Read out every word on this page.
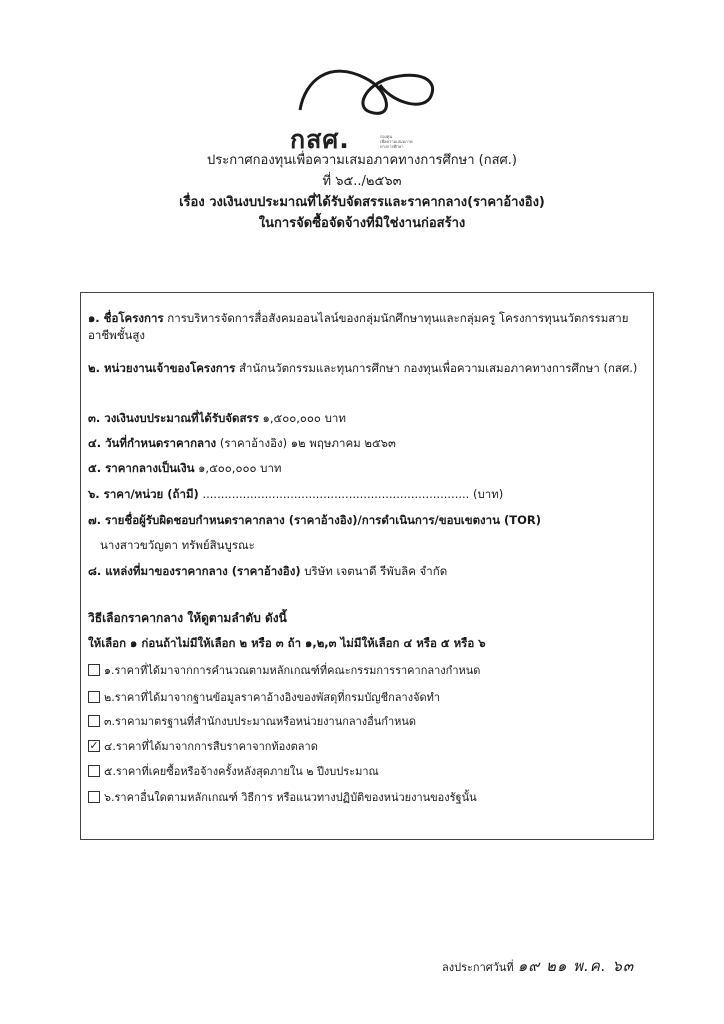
กสศ.	กองทุน
เพื่อความเสมอภาค
ทางการศึกษา
ประกาศกองทุนเพื่อความเสมอภาคทางการศึกษา (กสศ.)
ที่ ๖๕../๒๕๖๓
เรื่อง วงเงินงบประมาณที่ได้รับจัดสรรและราคากลาง(ราคาอ้างอิง)
ในการจัดซื้อจัดจ้างที่มิใช่งานก่อสร้าง
๑. ชื่อโครงการ การบริหารจัดการสื่อสังคมออนไลน์ของกลุ่มนักศึกษาทุนและกลุ่มครู โครงการทุนนวัตกรรมสายอาชีพชั้นสูง
๒. หน่วยงานเจ้าของโครงการ สำนักนวัตกรรมและทุนการศึกษา กองทุนเพื่อความเสมอภาคทางการศึกษา (กสศ.)
๓. วงเงินงบประมาณที่ได้รับจัดสรร ๑,๕๐๐,๐๐๐ บาท
๔. วันที่กำหนดราคากลาง (ราคาอ้างอิง) ๑๒ พฤษภาคม ๒๕๖๓
๕. ราคากลางเป็นเงิน ๑,๕๐๐,๐๐๐ บาท
๖. ราคา/หน่วย (ถ้ามี) ......................................................................... (บาท)
๗. รายชื่อผู้รับผิดชอบกำหนดราคากลาง (ราคาอ้างอิง)/การดำเนินการ/ขอบเขตงาน (TOR)
นางสาวขวัญตา ทรัพย์สินบูรณะ
๘. แหล่งที่มาของราคากลาง (ราคาอ้างอิง) บริษัท เจตนาดี รีพับลิค จำกัด
วิธีเลือกราคากลาง ให้ดูตามลำดับ ดังนี้
ให้เลือก ๑ ก่อนถ้าไม่มีให้เลือก ๒ หรือ ๓ ถ้า ๑,๒,๓ ไม่มีให้เลือก ๔ หรือ ๕ หรือ ๖
๑.ราคาที่ได้มาจากการคำนวณตามหลักเกณฑ์ที่คณะกรรมการราคากลางกำหนด
๒.ราคาที่ได้มาจากฐานข้อมูลราคาอ้างอิงของพัสดุที่กรมบัญชีกลางจัดทำ
๓.ราคามาตรฐานที่สำนักงบประมาณหรือหน่วยงานกลางอื่นกำหนด
✓ ๔.ราคาที่ได้มาจากการสืบราคาจากท้องตลาด
๕.ราคาที่เคยซื้อหรือจ้างครั้งหลังสุดภายใน ๒ ปีงบประมาณ
๖.ราคาอื่นใดตามหลักเกณฑ์ วิธีการ หรือแนวทางปฏิบัติของหน่วยงานของรัฐนั้น
ลงประกาศวันที่ ๑๙ ๒๑ พ.ค. ๖๓
